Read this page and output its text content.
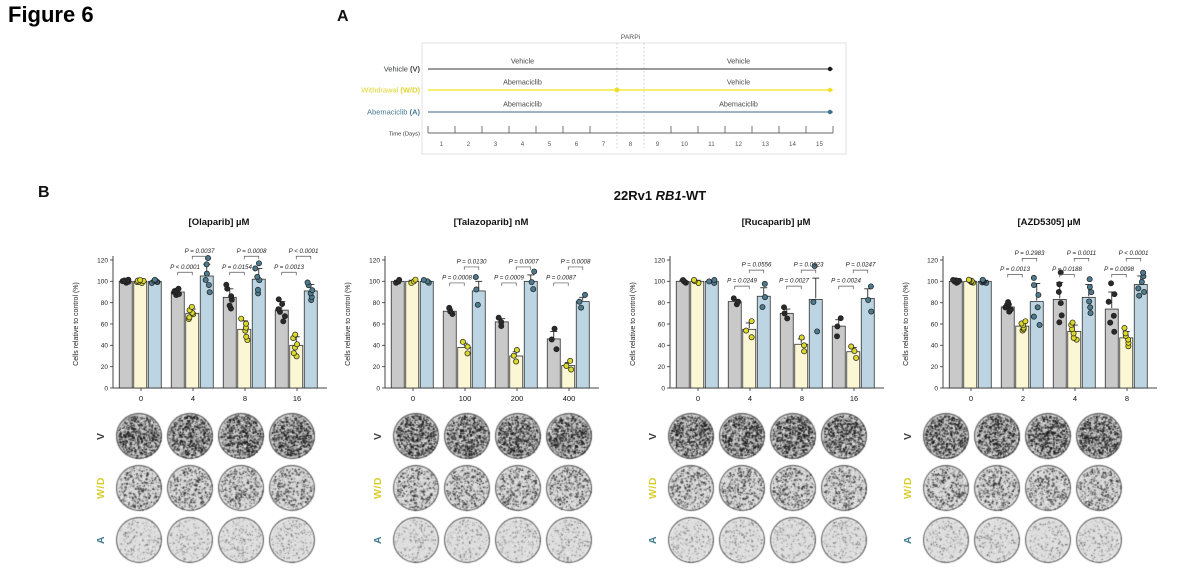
Figure 6	A
B	22Rv1 RB1-WT
PARPi
Vehicle (V)
Vehicle	Vehicle
Withdrawal (W/D)
Abemaciclib	Vehicle
Abemaciclib (A)
Abemaciclib	Abemaciclib
1	2	3	4	5	6	7	8	9	10	11	12	13	14	15
Time (Days)
[Olaparib] µM
0
20
40
60
80
100
120
Cells relative to control (%)
0	4
P < 0.0001
P = 0.0037
8
P = 0.0154
P = 0.0008
16
P = 0.0013
P < 0.0001
[Talazoparib] nM
0
20
40
60
80
100
120
Cells relative to control (%)
0	100
P = 0.0008
P = 0.0130
200
P = 0.0009
P = 0.0007
400
P = 0.0087
P = 0.0008
[Rucaparib] µM
0
20
40
60
80
100
120
Cells relative to control (%)
0	4
P = 0.0249
P = 0.0556
8
P = 0.0027
P = 0.0923
16
P = 0.0024
P = 0.0247
[AZD5305] µM
0
20
40
60
80
100
120
Cells relative to control (%)
0	2
P = 0.0013
P = 0.2983
4
P = 0.0188
P = 0.0011
8
P = 0.0098
P < 0.0001
V
W/D
A
V
W/D
A
V
W/D
A
V
W/D
A
